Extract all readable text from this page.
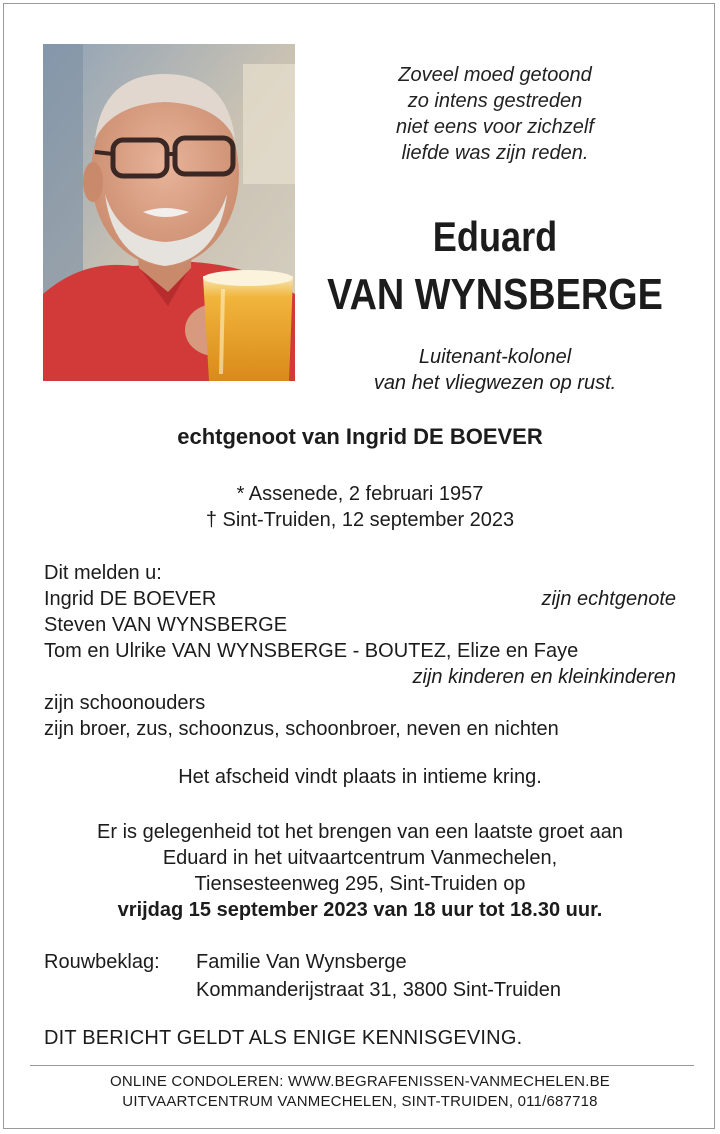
Zoveel moed getoond
zo intens gestreden
niet eens voor zichzelf
liefde was zijn reden.
Eduard
VAN WYNSBERGE
Luitenant-kolonel
van het vliegwezen op rust.
echtgenoot van Ingrid DE BOEVER
* Assenede, 2 februari 1957
† Sint-Truiden, 12 september 2023
Dit melden u:
Ingrid DE BOEVER	zijn echtgenote
Steven VAN WYNSBERGE
Tom en Ulrike VAN WYNSBERGE - BOUTEZ, Elize en Faye
zijn kinderen en kleinkinderen
zijn schoonouders
zijn broer, zus, schoonzus, schoonbroer, neven en nichten
Het afscheid vindt plaats in intieme kring.
Er is gelegenheid tot het brengen van een laatste groet aan
Eduard in het uitvaartcentrum Vanmechelen,
Tiensesteenweg 295, Sint-Truiden op
vrijdag 15 september 2023 van 18 uur tot 18.30 uur.
Rouwbeklag: Familie Van Wynsberge
Kommanderijstraat 31, 3800 Sint-Truiden
DIT BERICHT GELDT ALS ENIGE KENNISGEVING.
ONLINE CONDOLEREN: WWW.BEGRAFENISSEN-VANMECHELEN.BE
UITVAARTCENTRUM VANMECHELEN, SINT-TRUIDEN, 011/687718
